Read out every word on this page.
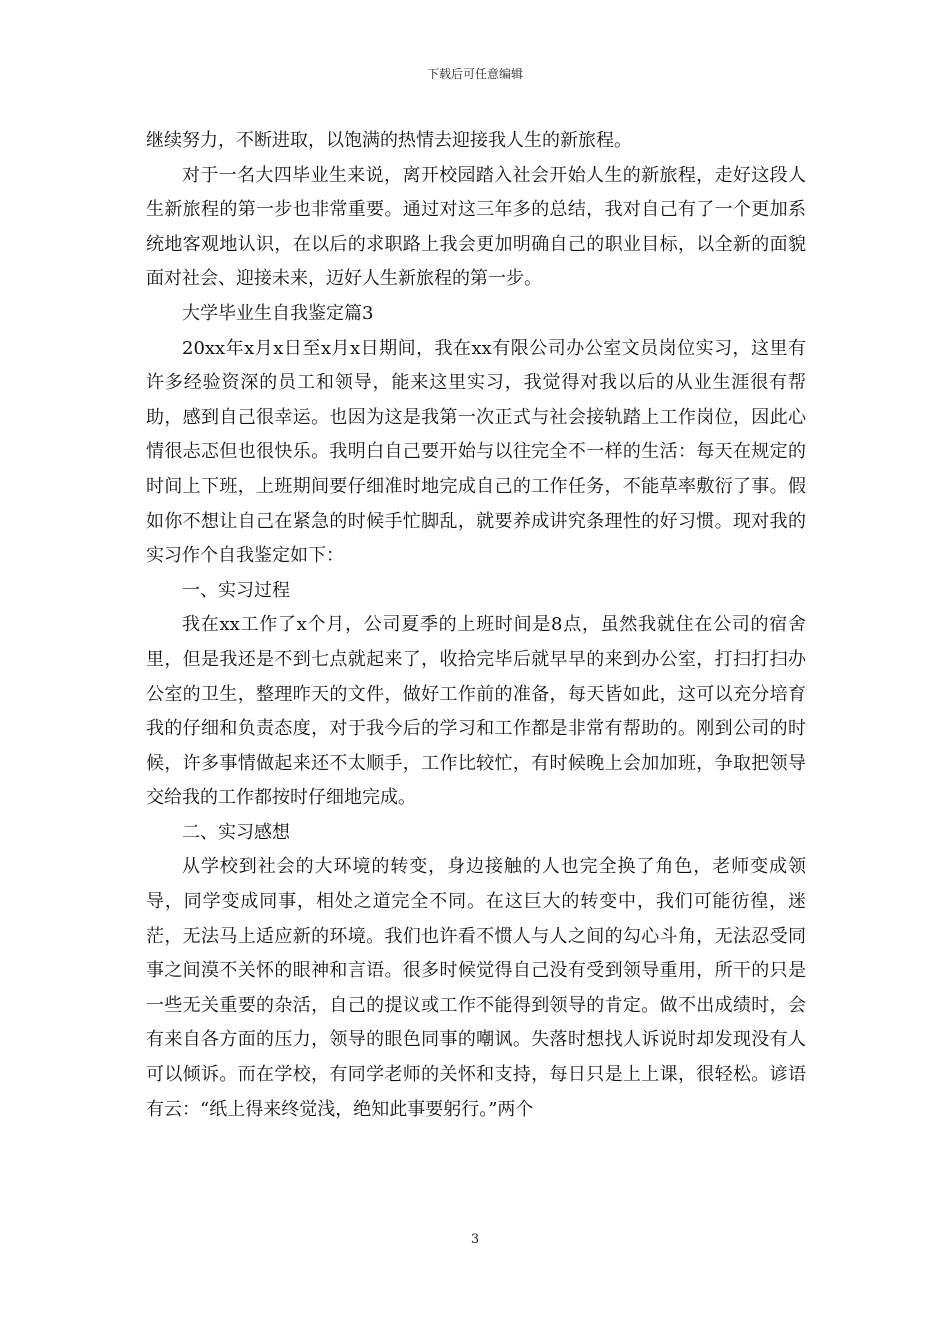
下载后可任意编辑

继续努力，不断进取，以饱满的热情去迎接我人生的新旅程。

对于一名大四毕业生来说，离开校园踏入社会开始人生的新旅程，走好这段人生新旅程的第一步也非常重要。通过对这三年多的总结，我对自己有了一个更加系统地客观地认识，在以后的求职路上我会更加明确自己的职业目标，以全新的面貌面对社会、迎接未来，迈好人生新旅程的第一步。

大学毕业生自我鉴定篇3

20xx年x月x日至x月x日期间，我在xx有限公司办公室文员岗位实习，这里有许多经验资深的员工和领导，能来这里实习，我觉得对我以后的从业生涯很有帮助，感到自己很幸运。也因为这是我第一次正式与社会接轨踏上工作岗位，因此心情很忐忑但也很快乐。我明白自己要开始与以往完全不一样的生活：每天在规定的时间上下班，上班期间要仔细准时地完成自己的工作任务，不能草率敷衍了事。假如你不想让自己在紧急的时候手忙脚乱，就要养成讲究条理性的好习惯。现对我的实习作个自我鉴定如下：

一、实习过程

我在xx工作了x个月，公司夏季的上班时间是8点，虽然我就住在公司的宿舍里，但是我还是不到七点就起来了，收拾完毕后就早早的来到办公室，打扫打扫办公室的卫生，整理昨天的文件，做好工作前的准备，每天皆如此，这可以充分培育我的仔细和负责态度，对于我今后的学习和工作都是非常有帮助的。刚到公司的时候，许多事情做起来还不太顺手，工作比较忙，有时候晚上会加加班，争取把领导交给我的工作都按时仔细地完成。

二、实习感想

从学校到社会的大环境的转变，身边接触的人也完全换了角色，老师变成领导，同学变成同事，相处之道完全不同。在这巨大的转变中，我们可能彷徨，迷茫，无法马上适应新的环境。我们也许看不惯人与人之间的勾心斗角，无法忍受同事之间漠不关怀的眼神和言语。很多时候觉得自己没有受到领导重用，所干的只是一些无关重要的杂活，自己的提议或工作不能得到领导的肯定。做不出成绩时，会有来自各方面的压力，领导的眼色同事的嘲讽。失落时想找人诉说时却发现没有人可以倾诉。而在学校，有同学老师的关怀和支持，每日只是上上课，很轻松。谚语有云：“纸上得来终觉浅，绝知此事要躬行。”两个

3
